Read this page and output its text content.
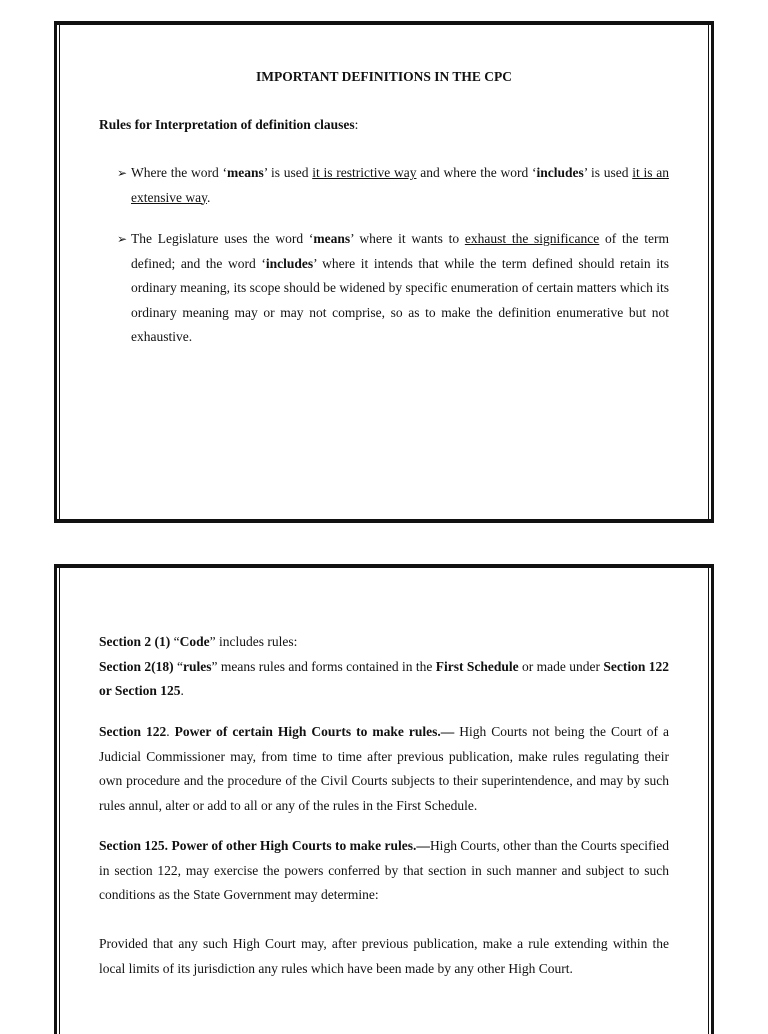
IMPORTANT DEFINITIONS IN THE CPC
Rules for Interpretation of definition clauses:
➢ Where the word ‘means’ is used it is restrictive way and where the word ‘includes’ is used it is an extensive way.
➢ The Legislature uses the word ‘means’ where it wants to exhaust the significance of the term defined; and the word ‘includes’ where it intends that while the term defined should retain its ordinary meaning, its scope should be widened by specific enumeration of certain matters which its ordinary meaning may or may not comprise, so as to make the definition enumerative but not exhaustive.

Section 2 (1) “Code” includes rules:

Section 2(18) “rules” means rules and forms contained in the First Schedule or made under Section 122 or Section 125.

Section 122. Power of certain High Courts to make rules.— High Courts not being the Court of a Judicial Commissioner may, from time to time after previous publication, make rules regulating their own procedure and the procedure of the Civil Courts subjects to their superintendence, and may by such rules annul, alter or add to all or any of the rules in the First Schedule.

Section 125. Power of other High Courts to make rules.—High Courts, other than the Courts specified in section 122, may exercise the powers conferred by that section in such manner and subject to such conditions as the State Government may determine:

Provided that any such High Court may, after previous publication, make a rule extending within the local limits of its jurisdiction any rules which have been made by any other High Court.
